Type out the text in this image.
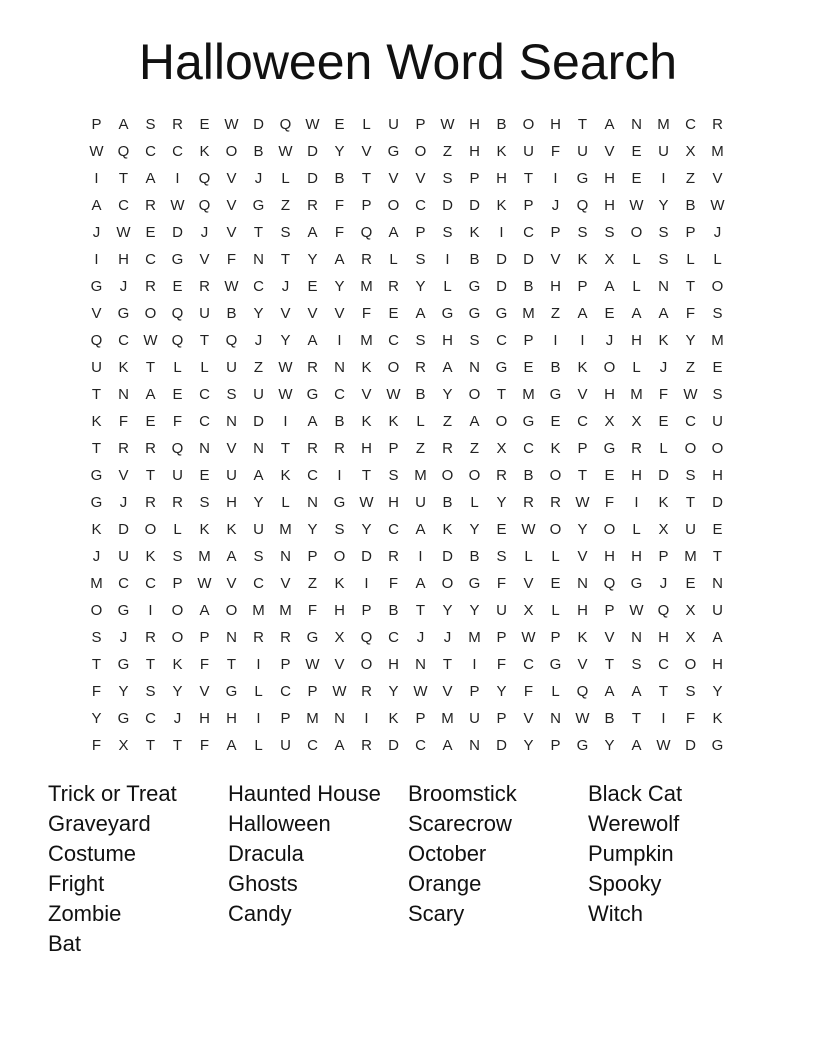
Halloween Word Search
P	A	S	R	E W D	Q W E	L	U	P W H	B	O	H	T	A	N	M	C	R
W Q	C	C	K	O	B W D	Y	V	G	O	Z	H	K	U	F	U	V	E	U	X	M
I	T	A	I	Q	V	J	L	D	B	T	V	V	S	P	H	T	I	G	H	E	I	Z	V
A	C	R W Q	V	G	Z	R	F	P	O	C	D	D	K	P	J	Q	H W Y	B W
J	W E	D	J	V	T	S	A	F	Q	A	P	S	K	I	C	P	S	S	O	S	P	J
I	H	C	G	V	F	N	T	Y	A	R	L	S	I	B	D	D	V	K	X	L	S	L	L
G	J	R	E	R W C	J	E	Y	M	R	Y	L	G	D	B	H	P	A	L	N	T	O
V	G	O	Q	U	B	Y	V	V	V	F	E	A	G	G	G M	Z	A	E	A	A	F	S
Q	C W Q	T	Q	J	Y	A	I	M	C	S	H	S	C	P	I	I	J	H	K	Y	M
U	K	T	L	L	U	Z	W R	N	K	O	R	A	N	G	E	B	K	O	L	J	Z	E
T	N	A	E	C	S	U W G	C	V W B	Y	O	T	M G	V	H	M	F	W S
K	F	E	F	C	N	D	I	A	B	K	K	L	Z	A	O	G	E	C	X	X	E	C	U
T	R	R	Q	N	V	N	T	R	R	H	P	Z	R	Z	X	C	K	P	G	R	L	O	O
G	V	T	U	E	U	A	K	C	I	T	S	M O	O	R	B	O	T	E	H	D	S	H
G	J	R	R	S	H	Y	L	N	G W H	U	B	L	Y	R	R W	F	I	K	T	D
K	D	O	L	K	K	U	M	Y	S	Y	C	A	K	Y	E W O	Y	O	L	X	U	E
J	U	K	S	M	A	S	N	P	O	D	R	I	D	B	S	L	L	V	H	H	P	M	T
M	C	C	P W V	C	V	Z	K	I	F	A	O	G	F	V	E	N	Q	G	J	E	N
O	G	I	O	A	O M M	F	H	P	B	T	Y	Y	U	X	L	H	P W Q	X	U
S	J	R	O	P	N	R	R	G	X	Q	C	J	J	M	P W P	K	V	N	H	X	A
T	G	T	K	F	T	I	P W V	O	H	N	T	I	F	C	G	V	T	S	C	O	H
F	Y	S	Y	V	G	L	C	P W R	Y W V	P	Y	F	L	Q	A	A	T	S	Y
Y	G	C	J	H	H	I	P	M	N	I	K	P	M	U	P	V	N W B	T	I	F	K
F	X	T	T	F	A	L	U	C	A	R	D	C	A	N	D	Y	P	G	Y	A W D	G
Trick or Treat	Haunted House	Broomstick	Black Cat
Graveyard	Halloween	Scarecrow	Werewolf
Costume	Dracula	October	Pumpkin
Fright	Ghosts	Orange	Spooky
Zombie	Candy	Scary	Witch
Bat
